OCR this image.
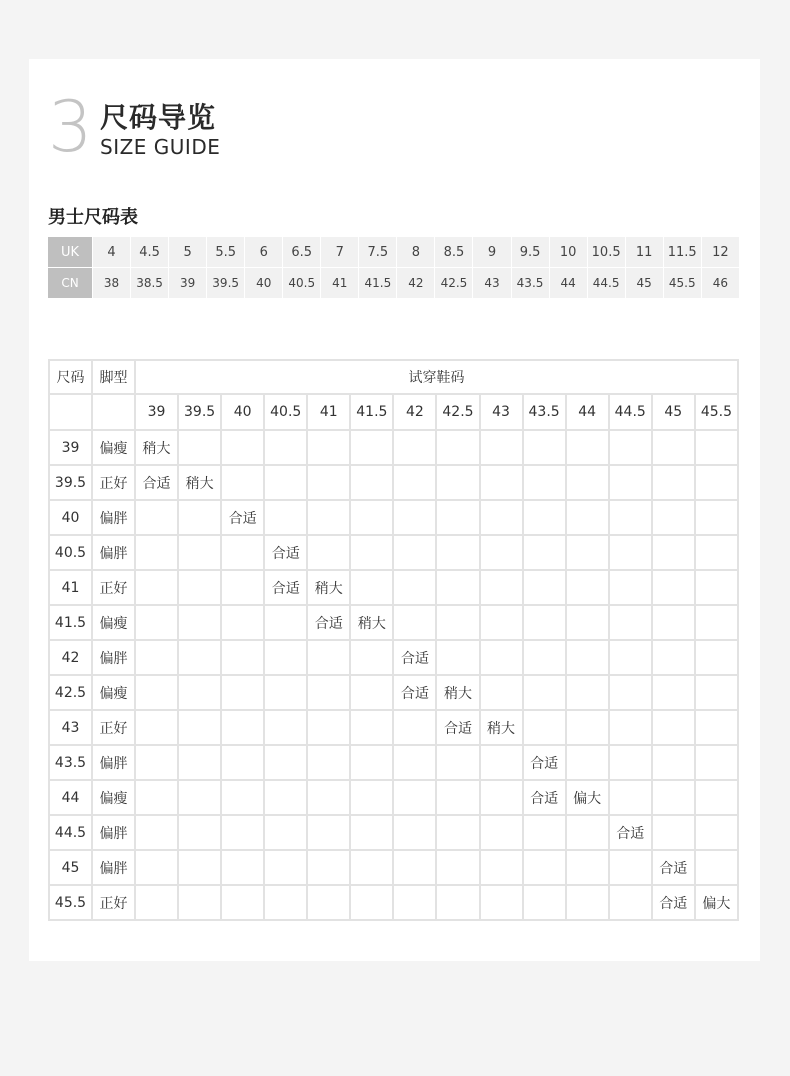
3 尺码导览
SIZE GUIDE
男士尺码表
UK	4	4.5	5	5.5	6	6.5	7	7.5	8	8.5	9	9.5	10	10.5	11	11.5	12
CN	38	38.5	39	39.5	40	40.5	41	41.5	42	42.5	43	43.5	44	44.5	45	45.5	46
尺码	脚型	试穿鞋码													
		39	39.5	40	40.5	41	41.5	42	42.5	43	43.5	44	44.5	45	45.5
39	偏瘦	稍大													
39.5	正好	合适	稍大												
40	偏胖			合适											
40.5	偏胖				合适										
41	正好				合适	稍大									
41.5	偏瘦					合适	稍大								
42	偏胖							合适							
42.5	偏瘦							合适	稍大						
43	正好								合适	稍大					
43.5	偏胖										合适				
44	偏瘦										合适	偏大			
44.5	偏胖												合适		
45	偏胖													合适	
45.5	正好													合适	偏大
